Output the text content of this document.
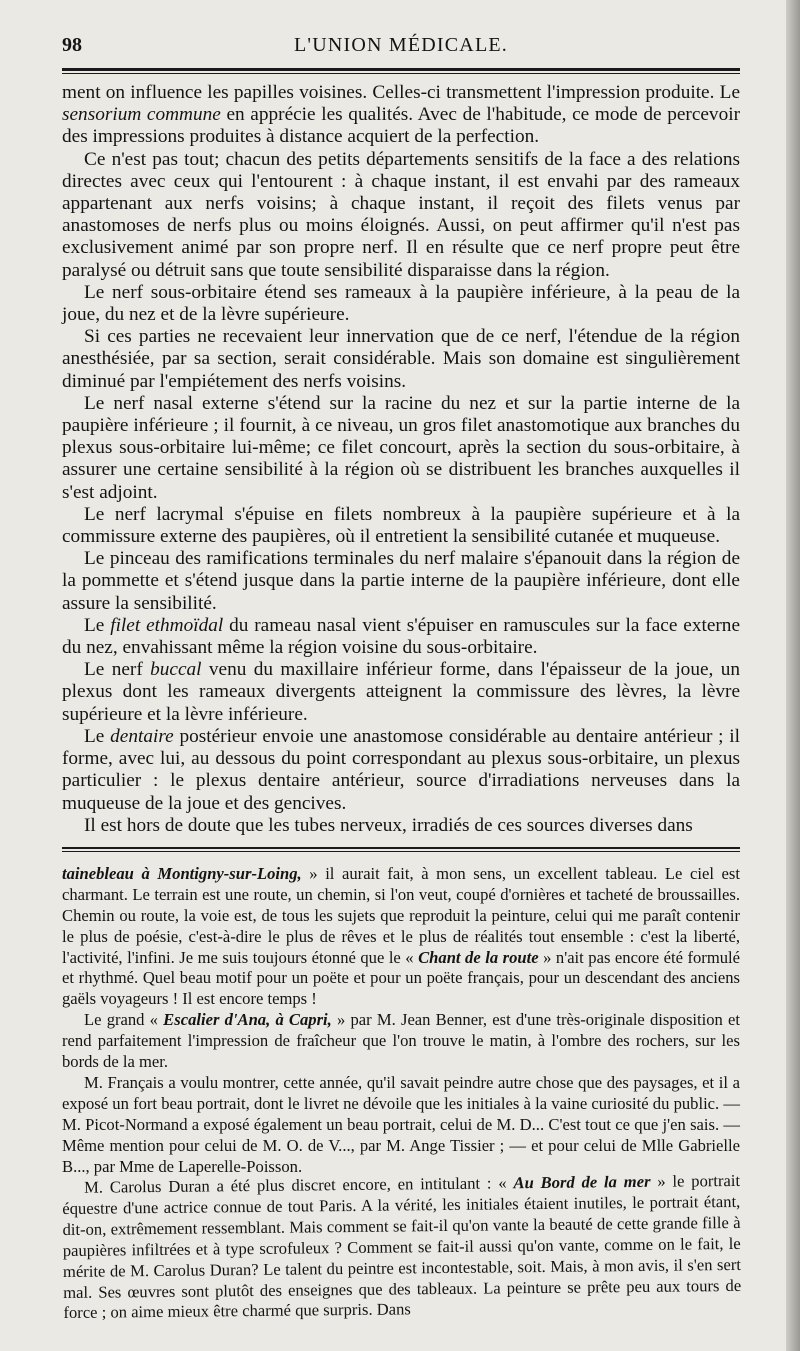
98	L'UNION MÉDICALE.

ment on influence les papilles voisines. Celles-ci transmettent l'impression produite. Le sensorium commune en apprécie les qualités. Avec de l'habitude, ce mode de percevoir des impressions produites à distance acquiert de la perfection.

Ce n'est pas tout; chacun des petits départements sensitifs de la face a des relations directes avec ceux qui l'entourent : à chaque instant, il est envahi par des rameaux appartenant aux nerfs voisins; à chaque instant, il reçoit des filets venus par anastomoses de nerfs plus ou moins éloignés. Aussi, on peut affirmer qu'il n'est pas exclusivement animé par son propre nerf. Il en résulte que ce nerf propre peut être paralysé ou détruit sans que toute sensibilité disparaisse dans la région.

Le nerf sous-orbitaire étend ses rameaux à la paupière inférieure, à la peau de la joue, du nez et de la lèvre supérieure.

Si ces parties ne recevaient leur innervation que de ce nerf, l'étendue de la région anesthésiée, par sa section, serait considérable. Mais son domaine est singulièrement diminué par l'empiétement des nerfs voisins.

Le nerf nasal externe s'étend sur la racine du nez et sur la partie interne de la paupière inférieure ; il fournit, à ce niveau, un gros filet anastomotique aux branches du plexus sous-orbitaire lui-même; ce filet concourt, après la section du sous-orbitaire, à assurer une certaine sensibilité à la région où se distribuent les branches auxquelles il s'est adjoint.

Le nerf lacrymal s'épuise en filets nombreux à la paupière supérieure et à la commissure externe des paupières, où il entretient la sensibilité cutanée et muqueuse.

Le pinceau des ramifications terminales du nerf malaire s'épanouit dans la région de la pommette et s'étend jusque dans la partie interne de la paupière inférieure, dont elle assure la sensibilité.

Le filet ethmoïdal du rameau nasal vient s'épuiser en ramuscules sur la face externe du nez, envahissant même la région voisine du sous-orbitaire.

Le nerf buccal venu du maxillaire inférieur forme, dans l'épaisseur de la joue, un plexus dont les rameaux divergents atteignent la commissure des lèvres, la lèvre supérieure et la lèvre inférieure.

Le dentaire postérieur envoie une anastomose considérable au dentaire antérieur ; il forme, avec lui, au dessous du point correspondant au plexus sous-orbitaire, un plexus particulier : le plexus dentaire antérieur, source d'irradiations nerveuses dans la muqueuse de la joue et des gencives.

Il est hors de doute que les tubes nerveux, irradiés de ces sources diverses dans

tainebleau à Montigny-sur-Loing, » il aurait fait, à mon sens, un excellent tableau. Le ciel est charmant. Le terrain est une route, un chemin, si l'on veut, coupé d'ornières et tacheté de broussailles. Chemin ou route, la voie est, de tous les sujets que reproduit la peinture, celui qui me paraît contenir le plus de poésie, c'est-à-dire le plus de rêves et le plus de réalités tout ensemble : c'est la liberté, l'activité, l'infini. Je me suis toujours étonné que le « Chant de la route » n'ait pas encore été formulé et rhythmé. Quel beau motif pour un poëte et pour un poëte français, pour un descendant des anciens gaëls voyageurs ! Il est encore temps !

Le grand « Escalier d'Ana, à Capri, » par M. Jean Benner, est d'une très-originale disposition et rend parfaitement l'impression de fraîcheur que l'on trouve le matin, à l'ombre des rochers, sur les bords de la mer.

M. Français a voulu montrer, cette année, qu'il savait peindre autre chose que des paysages, et il a exposé un fort beau portrait, dont le livret ne dévoile que les initiales à la vaine curiosité du public. — M. Picot-Normand a exposé également un beau portrait, celui de M. D... C'est tout ce que j'en sais. — Même mention pour celui de M. O. de V..., par M. Ange Tissier ; — et pour celui de Mlle Gabrielle B..., par Mme de Laperelle-Poisson.

M. Carolus Duran a été plus discret encore, en intitulant : « Au Bord de la mer » le portrait équestre d'une actrice connue de tout Paris. A la vérité, les initiales étaient inutiles, le portrait étant, dit-on, extrêmement ressemblant. Mais comment se fait-il qu'on vante la beauté de cette grande fille à paupières infiltrées et à type scrofuleux ? Comment se fait-il aussi qu'on vante, comme on le fait, le mérite de M. Carolus Duran? Le talent du peintre est incontestable, soit. Mais, à mon avis, il s'en sert mal. Ses œuvres sont plutôt des enseignes que des tableaux. La peinture se prête peu aux tours de force ; on aime mieux être charmé que surpris. Dans
